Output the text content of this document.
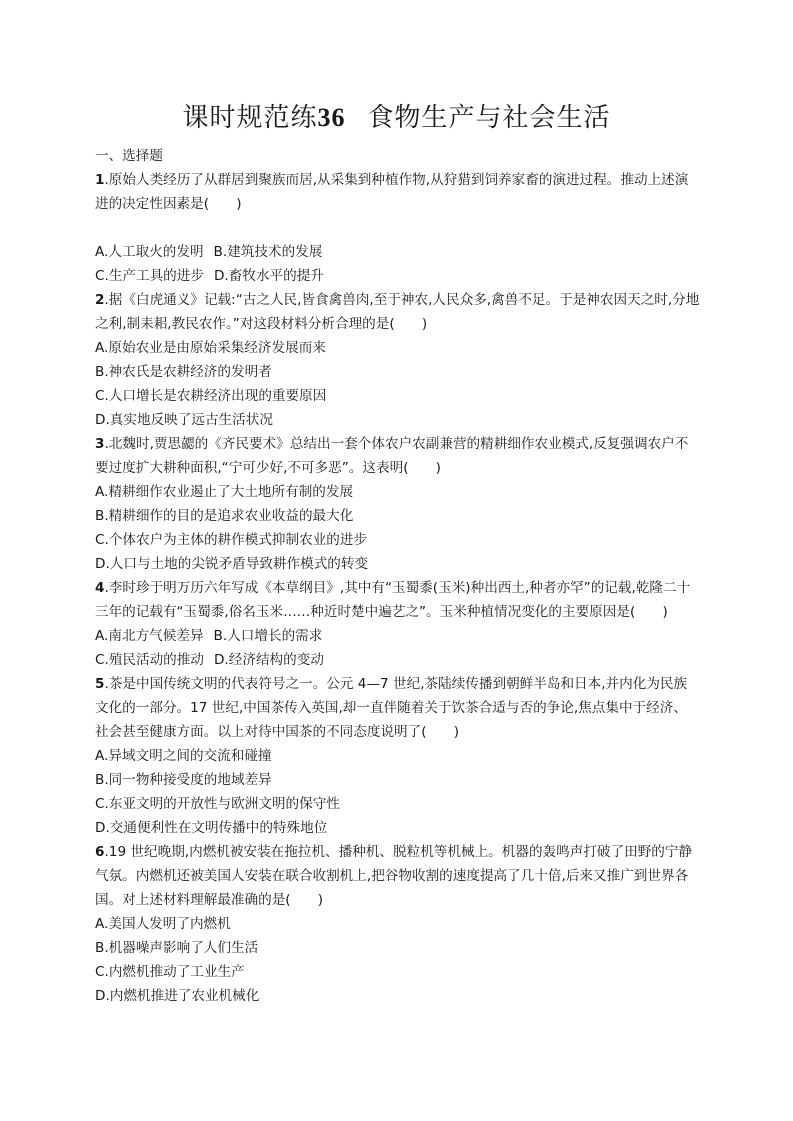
课时规范练36 食物生产与社会生活

一、选择题

1.原始人类经历了从群居到聚族而居,从采集到种植作物,从狩猎到饲养家畜的演进过程。推动上述演进的决定性因素是(　　)

A.人工取火的发明 B.建筑技术的发展

C.生产工具的进步 D.畜牧水平的提升

2.据《白虎通义》记载:“古之人民,皆食禽兽肉,至于神农,人民众多,禽兽不足。于是神农因天之时,分地之利,制耒耜,教民农作。”对这段材料分析合理的是(　　)

A.原始农业是由原始采集经济发展而来

B.神农氏是农耕经济的发明者

C.人口增长是农耕经济出现的重要原因

D.真实地反映了远古生活状况

3.北魏时,贾思勰的《齐民要术》总结出一套个体农户农副兼营的精耕细作农业模式,反复强调农户不要过度扩大耕种面积,“宁可少好,不可多恶”。这表明(　　)

A.精耕细作农业遏止了大土地所有制的发展

B.精耕细作的目的是追求农业收益的最大化

C.个体农户为主体的耕作模式抑制农业的进步

D.人口与土地的尖锐矛盾导致耕作模式的转变

4.李时珍于明万历六年写成《本草纲目》,其中有“玉蜀黍(玉米)种出西土,种者亦罕”的记载,乾隆二十三年的记载有“玉蜀黍,俗名玉米……种近时楚中遍艺之”。玉米种植情况变化的主要原因是(　　)

A.南北方气候差异 B.人口增长的需求

C.殖民活动的推动 D.经济结构的变动

5.茶是中国传统文明的代表符号之一。公元 4—7 世纪,茶陆续传播到朝鲜半岛和日本,并内化为民族文化的一部分。17 世纪,中国茶传入英国,却一直伴随着关于饮茶合适与否的争论,焦点集中于经济、社会甚至健康方面。以上对待中国茶的不同态度说明了(　　)

A.异域文明之间的交流和碰撞

B.同一物种接受度的地域差异

C.东亚文明的开放性与欧洲文明的保守性

D.交通便利性在文明传播中的特殊地位

6.19 世纪晚期,内燃机被安装在拖拉机、播种机、脱粒机等机械上。机器的轰鸣声打破了田野的宁静气氛。内燃机还被美国人安装在联合收割机上,把谷物收割的速度提高了几十倍,后来又推广到世界各国。对上述材料理解最准确的是(　　)

A.美国人发明了内燃机

B.机器噪声影响了人们生活

C.内燃机推动了工业生产

D.内燃机推进了农业机械化
